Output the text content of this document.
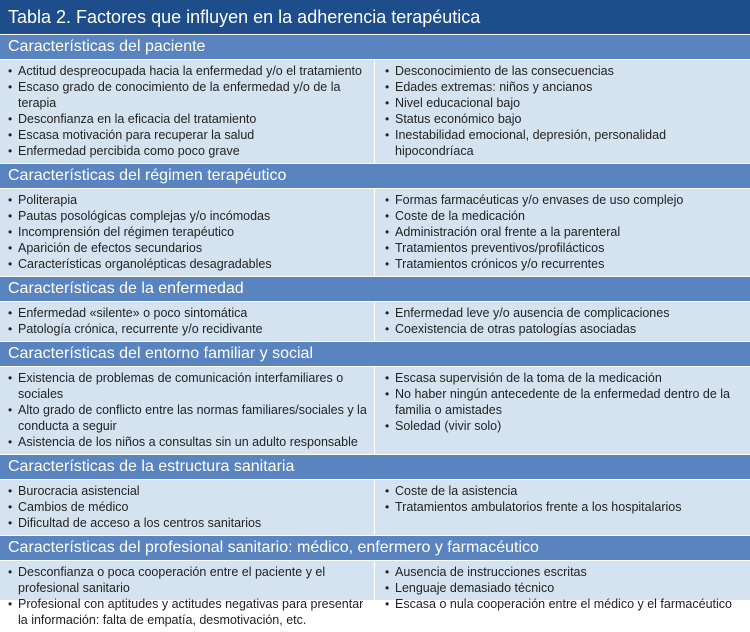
Tabla 2. Factores que influyen en la adherencia terapéutica
Características del paciente
• Actitud despreocupada hacia la enfermedad y/o el tratamiento
• Escaso grado de conocimiento de la enfermedad y/o de la terapia
• Desconfianza en la eficacia del tratamiento
• Escasa motivación para recuperar la salud
• Enfermedad percibida como poco grave
• Desconocimiento de las consecuencias
• Edades extremas: niños y ancianos
• Nivel educacional bajo
• Status económico bajo
• Inestabilidad emocional, depresión, personalidad hipocondríaca
Características del régimen terapéutico
• Politerapia
• Pautas posológicas complejas y/o incómodas
• Incomprensión del régimen terapéutico
• Aparición de efectos secundarios
• Características organolépticas desagradables
• Formas farmacéuticas y/o envases de uso complejo
• Coste de la medicación
• Administración oral frente a la parenteral
• Tratamientos preventivos/profilácticos
• Tratamientos crónicos y/o recurrentes
Características de la enfermedad
• Enfermedad «silente» o poco sintomática
• Patología crónica, recurrente y/o recidivante
• Enfermedad leve y/o ausencia de complicaciones
• Coexistencia de otras patologías asociadas
Características del entorno familiar y social
• Existencia de problemas de comunicación interfamiliares o sociales
• Alto grado de conflicto entre las normas familiares/sociales y la conducta a seguir
• Asistencia de los niños a consultas sin un adulto responsable
• Escasa supervisión de la toma de la medicación
• No haber ningún antecedente de la enfermedad dentro de la familia o amistades
• Soledad (vivir solo)
Características de la estructura sanitaria
• Burocracia asistencial
• Cambios de médico
• Dificultad de acceso a los centros sanitarios
• Coste de la asistencia
• Tratamientos ambulatorios frente a los hospitalarios
Características del profesional sanitario: médico, enfermero y farmacéutico
• Desconfianza o poca cooperación entre el paciente y el profesional sanitario
• Profesional con aptitudes y actitudes negativas para presentar la información: falta de empatía, desmotivación, etc.
• Ausencia de instrucciones escritas
• Lenguaje demasiado técnico
• Escasa o nula cooperación entre el médico y el farmacéutico
